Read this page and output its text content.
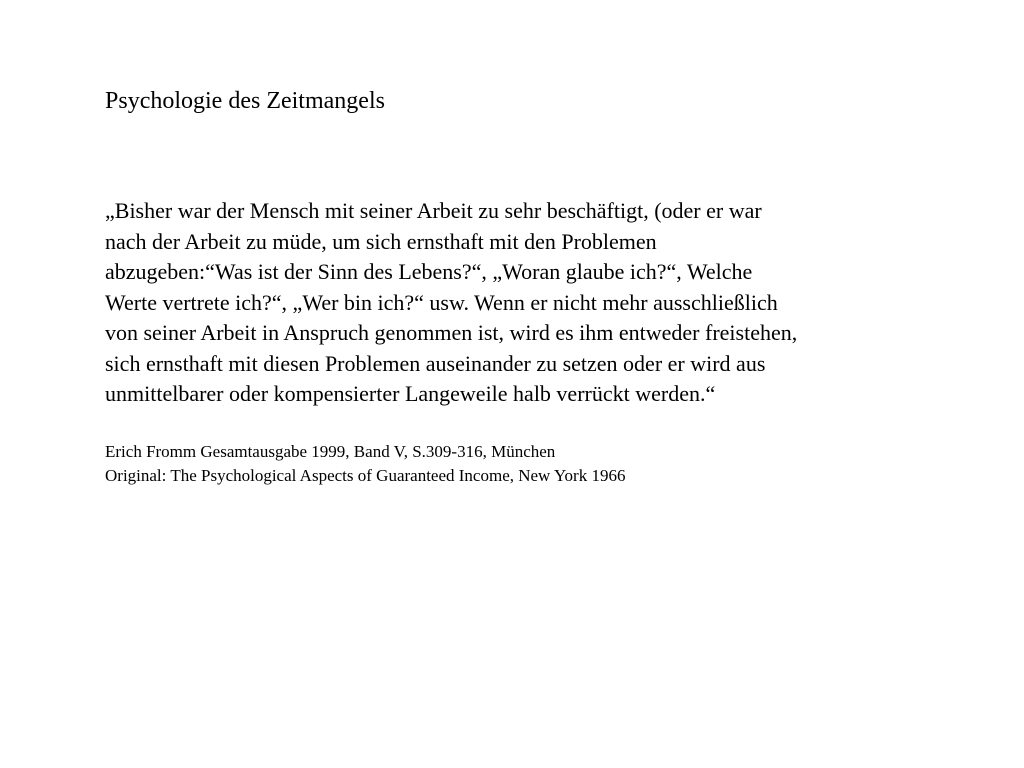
Psychologie des Zeitmangels

„Bisher war der Mensch mit seiner Arbeit zu sehr beschäftigt, (oder er war
nach der Arbeit zu müde, um sich ernsthaft mit den Problemen
abzugeben:“Was ist der Sinn des Lebens?“, „Woran glaube ich?“, Welche
Werte vertrete ich?“, „Wer bin ich?“ usw. Wenn er nicht mehr ausschließlich
von seiner Arbeit in Anspruch genommen ist, wird es ihm entweder freistehen,
sich ernsthaft mit diesen Problemen auseinander zu setzen oder er wird aus
unmittelbarer oder kompensierter Langeweile halb verrückt werden.“

Erich Fromm Gesamtausgabe 1999, Band V, S.309-316, München
Original: The Psychological Aspects of Guaranteed Income, New York 1966
